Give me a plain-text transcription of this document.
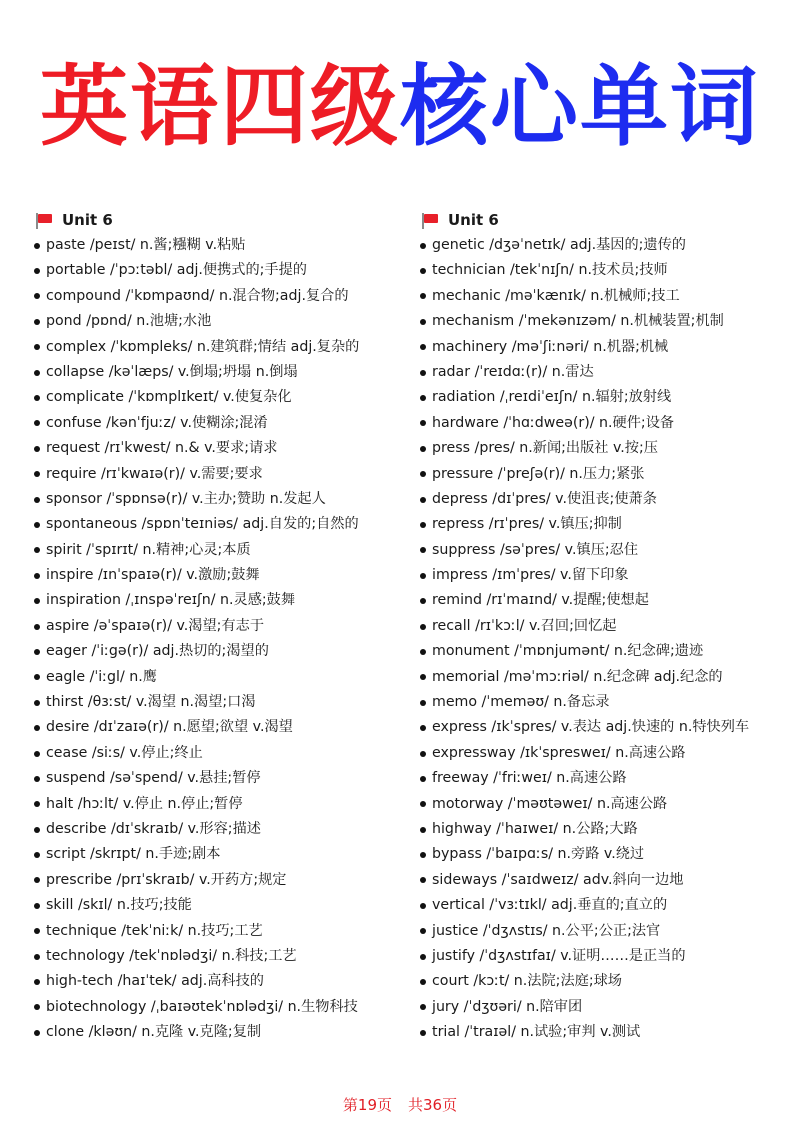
英语四级核心单词
Unit 6
paste /peɪst/ n.酱;糨糊 v.粘贴
portable /ˈpɔːtəbl/ adj.便携式的;手提的
compound /ˈkɒmpaʊnd/ n.混合物;adj.复合的
pond /pɒnd/ n.池塘;水池
complex /ˈkɒmpleks/ n.建筑群;情结 adj.复杂的
collapse /kəˈlæps/ v.倒塌;坍塌 n.倒塌
complicate /ˈkɒmplɪkeɪt/ v.使复杂化
confuse /kənˈfjuːz/ v.使糊涂;混淆
request /rɪˈkwest/ n.& v.要求;请求
require /rɪˈkwaɪə(r)/ v.需要;要求
sponsor /ˈspɒnsə(r)/ v.主办;赞助 n.发起人
spontaneous /spɒnˈteɪniəs/ adj.自发的;自然的
spirit /ˈspɪrɪt/ n.精神;心灵;本质
inspire /ɪnˈspaɪə(r)/ v.激励;鼓舞
inspiration /ˌɪnspəˈreɪʃn/ n.灵感;鼓舞
aspire /əˈspaɪə(r)/ v.渴望;有志于
eager /ˈiːgə(r)/ adj.热切的;渴望的
eagle /ˈiːgl/ n.鹰
thirst /θɜːst/ v.渴望 n.渴望;口渴
desire /dɪˈzaɪə(r)/ n.愿望;欲望 v.渴望
cease /siːs/ v.停止;终止
suspend /səˈspend/ v.悬挂;暂停
halt /hɔːlt/ v.停止 n.停止;暂停
describe /dɪˈskraɪb/ v.形容;描述
script /skrɪpt/ n.手迹;剧本
prescribe /prɪˈskraɪb/ v.开药方;规定
skill /skɪl/ n.技巧;技能
technique /tekˈniːk/ n.技巧;工艺
technology /tekˈnɒlədʒi/ n.科技;工艺
high-tech /haɪˈtek/ adj.高科技的
biotechnology /ˌbaɪəʊtekˈnɒlədʒi/ n.生物科技
clone /kləʊn/ n.克隆 v.克隆;复制
Unit 6
genetic /dʒəˈnetɪk/ adj.基因的;遗传的
technician /tekˈnɪʃn/ n.技术员;技师
mechanic /məˈkænɪk/ n.机械师;技工
mechanism /ˈmekənɪzəm/ n.机械装置;机制
machinery /məˈʃiːnəri/ n.机器;机械
radar /ˈreɪdɑː(r)/ n.雷达
radiation /ˌreɪdiˈeɪʃn/ n.辐射;放射线
hardware /ˈhɑːdweə(r)/ n.硬件;设备
press /pres/ n.新闻;出版社 v.按;压
pressure /ˈpreʃə(r)/ n.压力;紧张
depress /dɪˈpres/ v.使沮丧;使萧条
repress /rɪˈpres/ v.镇压;抑制
suppress /səˈpres/ v.镇压;忍住
impress /ɪmˈpres/ v.留下印象
remind /rɪˈmaɪnd/ v.提醒;使想起
recall /rɪˈkɔːl/ v.召回;回忆起
monument /ˈmɒnjumənt/ n.纪念碑;遗迹
memorial /məˈmɔːriəl/ n.纪念碑 adj.纪念的
memo /ˈmeməʊ/ n.备忘录
express /ɪkˈspres/ v.表达 adj.快速的 n.特快列车
expressway /ɪkˈspresweɪ/ n.高速公路
freeway /ˈfriːweɪ/ n.高速公路
motorway /ˈməʊtəweɪ/ n.高速公路
highway /ˈhaɪweɪ/ n.公路;大路
bypass /ˈbaɪpɑːs/ n.旁路 v.绕过
sideways /ˈsaɪdweɪz/ adv.斜向一边地
vertical /ˈvɜːtɪkl/ adj.垂直的;直立的
justice /ˈdʒʌstɪs/ n.公平;公正;法官
justify /ˈdʒʌstɪfaɪ/ v.证明……是正当的
court /kɔːt/ n.法院;法庭;球场
jury /ˈdʒʊəri/ n.陪审团
trial /ˈtraɪəl/ n.试验;审判 v.测试
第19页 共36页
